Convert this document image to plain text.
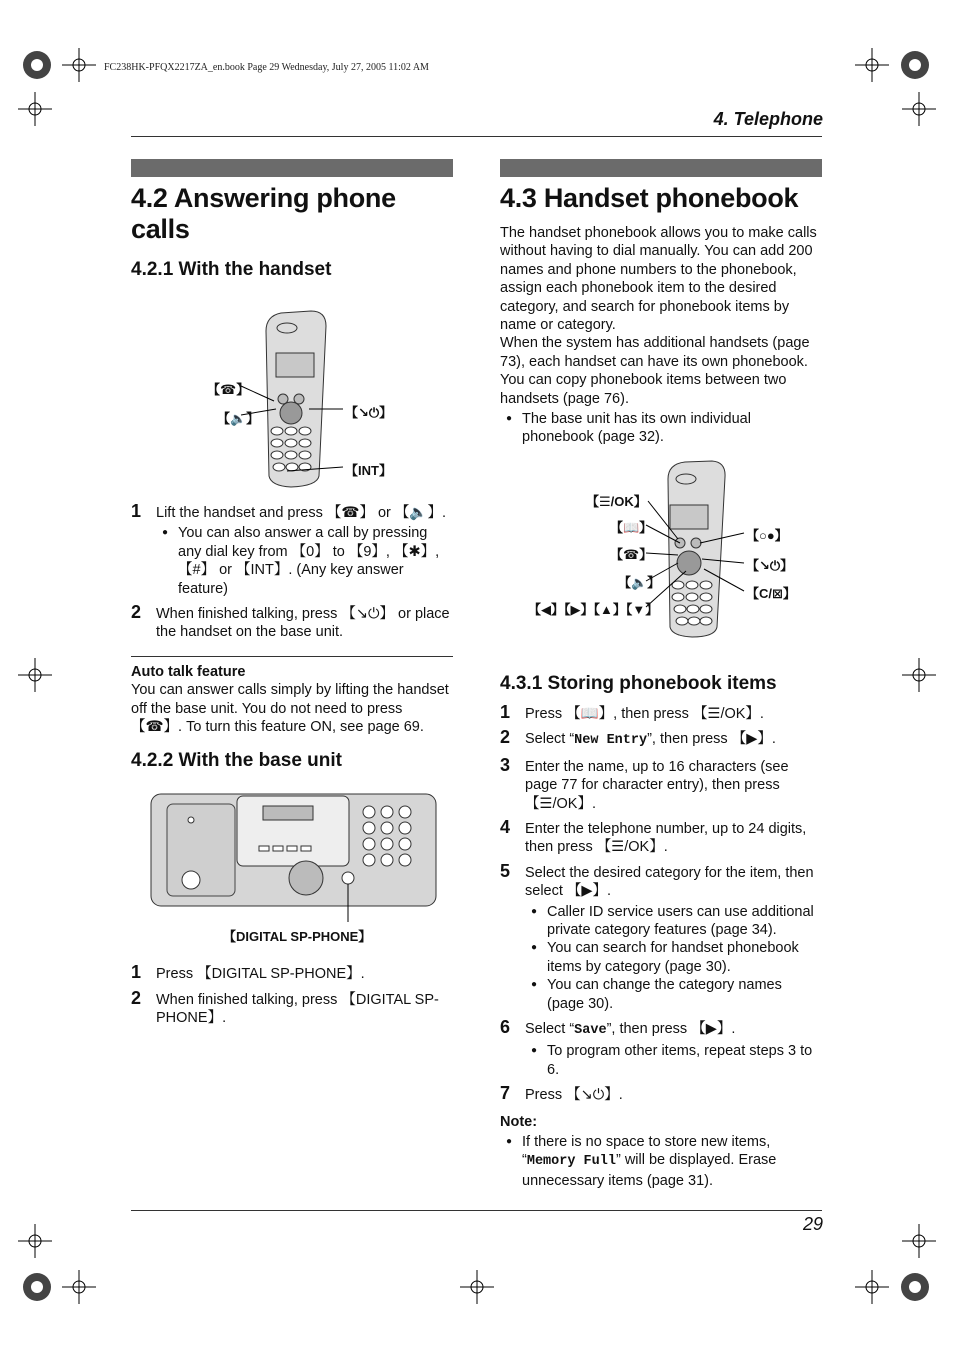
FC238HK-PFQX2217ZA_en.book Page 29 Wednesday, July 27, 2005 11:02 AM
4. Telephone
4.2 Answering phone calls
4.2.1 With the handset
【☎】
【🔈】	【↘⏻】
【INT】
1 Lift the handset and press 【☎】 or 【🔈】.

● You can also answer a call by pressing any dial key from 【0】 to 【9】, 【✱】, 【#】 or 【INT】. (Any key answer feature)
2 When finished talking, press 【↘⏻】 or place the handset on the base unit.

Auto talk feature

You can answer calls simply by lifting the handset off the base unit. You do not need to press 【☎】. To turn this feature ON, see page 69.

4.2.2 With the base unit
【DIGITAL SP-PHONE】
1 Press 【DIGITAL SP-PHONE】.

2 When finished talking, press 【DIGITAL SP-PHONE】.

4.3 Handset phonebook

The handset phonebook allows you to make calls without having to dial manually. You can add 200 names and phone numbers to the phonebook, assign each phonebook item to the desired category, and search for phonebook items by name or category.

When the system has additional handsets (page 73), each handset can have its own phonebook. You can copy phonebook items between two handsets (page 76).

● The base unit has its own individual phonebook (page 32).
【☰/OK】
【📖】
【☎】
【🔈】
【◀】【▶】【▲】【▼】
【○●】
【↘⏻】
【C/⊠】
4.3.1 Storing phonebook items
1 Press 【📖】, then press 【☰/OK】.

2 Select “New Entry”, then press 【▶】.

3 Enter the name, up to 16 characters (see page 77 for character entry), then press 【☰/OK】.

4 Enter the telephone number, up to 24 digits, then press 【☰/OK】.

5 Select the desired category for the item, then select 【▶】.

● Caller ID service users can use additional private category features (page 34).
● You can search for handset phonebook items by category (page 30).
● You can change the category names (page 30).
6 Select “Save”, then press 【▶】.

● To program other items, repeat steps 3 to 6.
7 Press 【↘⏻】.

Note:

● If there is no space to store new items, “Memory Full” will be displayed. Erase unnecessary items (page 31).
29
